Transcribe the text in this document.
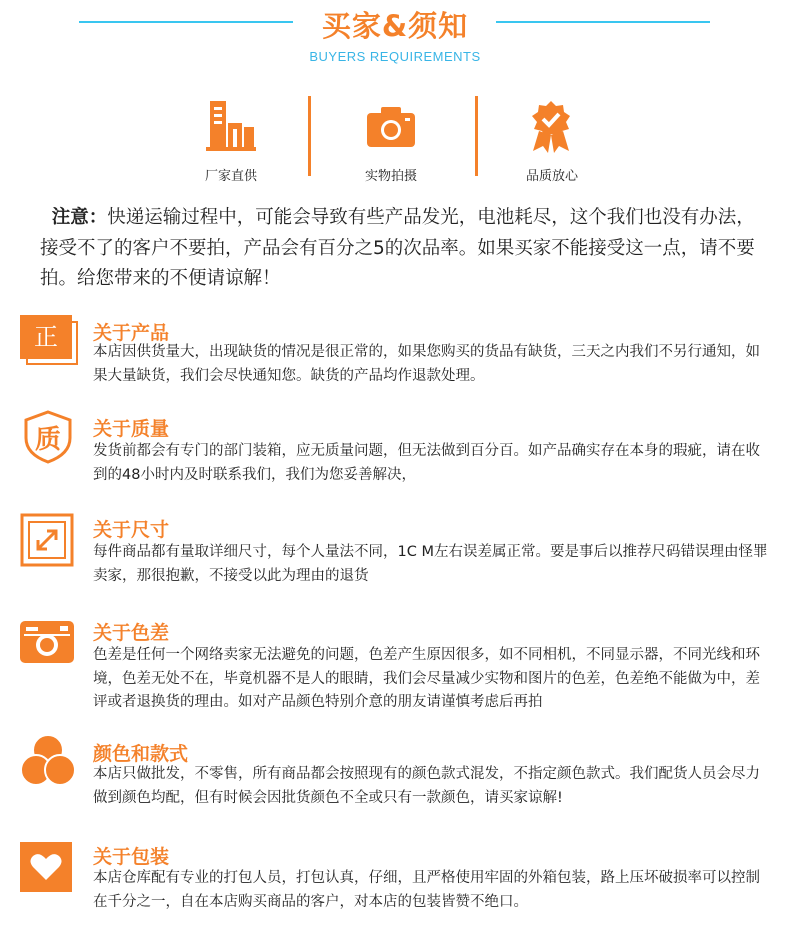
买家&须知
BUYERS REQUIREMENTS
厂家直供	实物拍摄	品质放心
注意：快递运输过程中，可能会导致有些产品发光，电池耗尽，这个我们也没有办法，接受不了的客户不要拍，产品会有百分之5的次品率。如果买家不能接受这一点，请不要拍。给您带来的不便请谅解！
正	关于产品
本店因供货量大，出现缺货的情况是很正常的，如果您购买的货品有缺货，三天之内我们不另行通知，如果大量缺货，我们会尽快通知您。缺货的产品均作退款处理。
质	关于质量
发货前都会有专门的部门装箱，应无质量问题，但无法做到百分百。如产品确实存在本身的瑕疵，请在收到的48小时内及时联系我们，我们为您妥善解决，
关于尺寸
每件商品都有量取详细尺寸，每个人量法不同，1C M左右误差属正常。要是事后以推荐尺码错误理由怪罪卖家，那很抱歉，不接受以此为理由的退货
关于色差
色差是任何一个网络卖家无法避免的问题，色差产生原因很多，如不同相机，不同显示器，不同光线和环境，色差无处不在，毕竟机器不是人的眼睛，我们会尽量减少实物和图片的色差，色差绝不能做为中，差评或者退换货的理由。如对产品颜色特别介意的朋友请谨慎考虑后再拍
颜色和款式
本店只做批发，不零售，所有商品都会按照现有的颜色款式混发，不指定颜色款式。我们配货人员会尽力做到颜色均配，但有时候会因批货颜色不全或只有一款颜色，请买家谅解!
关于包装
本店仓库配有专业的打包人员，打包认真，仔细，且严格使用牢固的外箱包装，路上压坏破损率可以控制在千分之一，自在本店购买商品的客户，对本店的包装皆赞不绝口。
